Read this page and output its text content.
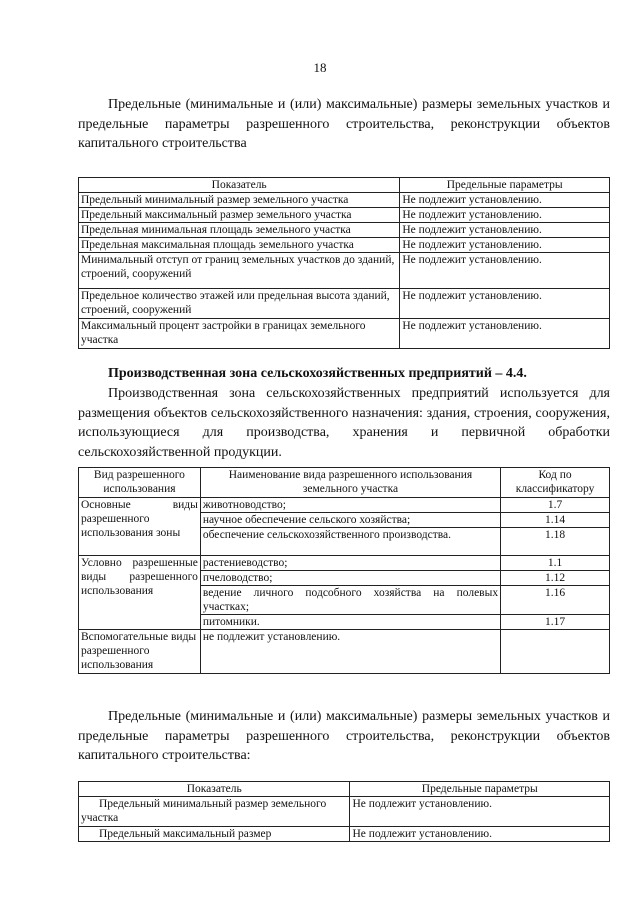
18

Предельные (минимальные и (или) максимальные) размеры земельных участков и предельные параметры разрешенного строительства, реконструкции объектов капитального строительства

Показатель	Предельные параметры
Предельный минимальный размер земельного участка	Не подлежит установлению.
Предельный максимальный размер земельного участка	Не подлежит установлению.
Предельная минимальная площадь земельного участка	Не подлежит установлению.
Предельная максимальная площадь земельного участка	Не подлежит установлению.
Минимальный отступ от границ земельных участков до зданий, строений, сооружений	Не подлежит установлению.
Предельное количество этажей или предельная высота зданий, строений, сооружений	Не подлежит установлению.
Максимальный процент застройки в границах земельного участка	Не подлежит установлению.
Производственная зона сельскохозяйственных предприятий – 4.4.

Производственная зона сельскохозяйственных предприятий используется для размещения объектов сельскохозяйственного назначения: здания, строения, сооружения, использующиеся для производства, хранения и первичной обработки сельскохозяйственной продукции.

Вид разрешенного использования	Наименование вида разрешенного использования земельного участка	Код по классификатору
Основные виды разрешенного использования зоны	животноводство;	1.7
	научное обеспечение сельского хозяйства;	1.14
	обеспечение сельскохозяйственного производства.	1.18
Условно разрешенные виды разрешенного использования	растениеводство;	1.1
	пчеловодство;	1.12
	ведение личного подсобного хозяйства на полевых участках;	1.16
	питомники.	1.17
Вспомогательные виды разрешенного использования	не подлежит установлению.	

Предельные (минимальные и (или) максимальные) размеры земельных участков и предельные параметры разрешенного строительства, реконструкции объектов капитального строительства:

Показатель	Предельные параметры
Предельный минимальный размер земельного участка	Не подлежит установлению.
Предельный максимальный размер	Не подлежит установлению.
